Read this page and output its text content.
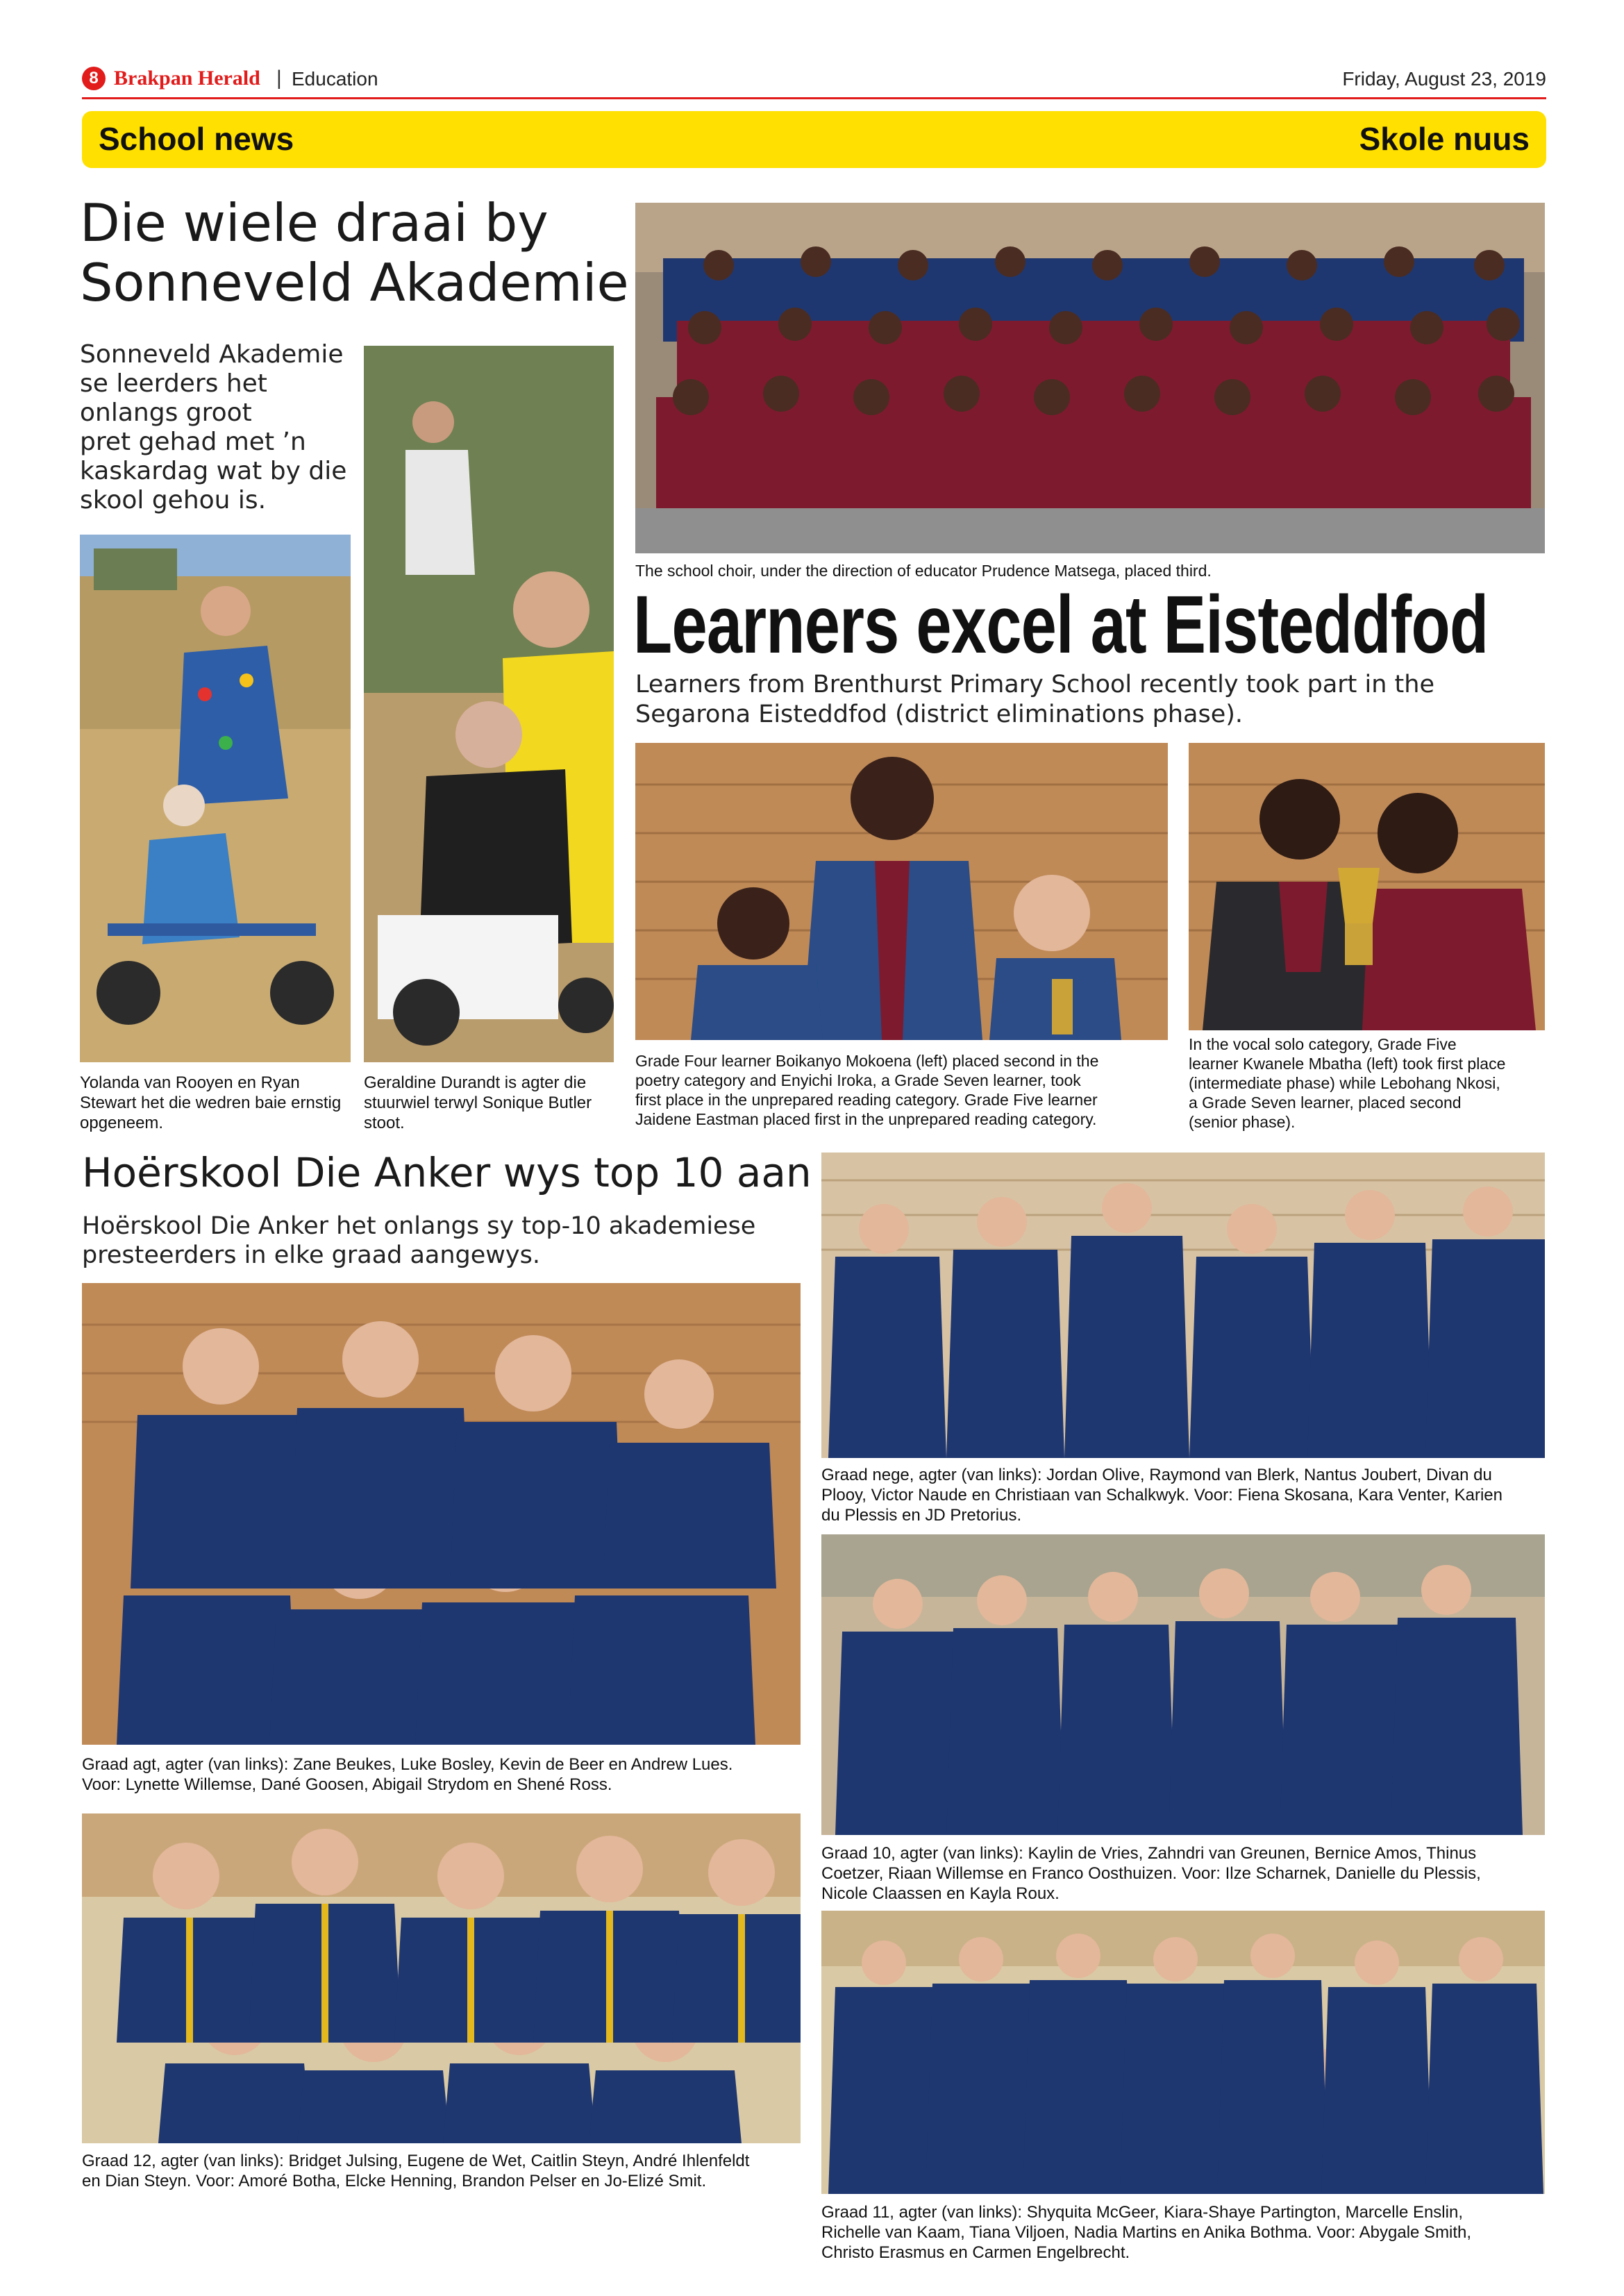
8 Brakpan Herald | Education	Friday, August 23, 2019
School news	Skole nuus
Die wiele draai by
Sonneveld Akademie
Sonneveld Akademie
se leerders het
onlangs groot
pret gehad met ’n
kaskardag wat by die
skool gehou is.
Yolanda van Rooyen en Ryan
Stewart het die wedren baie ernstig
opgeneem.
Geraldine Durandt is agter die
stuurwiel terwyl Sonique Butler
stoot.
The school choir, under the direction of educator Prudence Matsega, placed third.
Learners excel at Eisteddfod
Learners from Brenthurst Primary School recently took part in the
Segarona Eisteddfod (district eliminations phase).
Grade Four learner Boikanyo Mokoena (left) placed second in the
poetry category and Enyichi Iroka, a Grade Seven learner, took
first place in the unprepared reading category. Grade Five learner
Jaidene Eastman placed first in the unprepared reading category.
In the vocal solo category, Grade Five
learner Kwanele Mbatha (left) took first place
(intermediate phase) while Lebohang Nkosi,
a Grade Seven learner, placed second
(senior phase).
Hoërskool Die Anker wys top 10 aan
Hoërskool Die Anker het onlangs sy top-10 akademiese
presteerders in elke graad aangewys.
Graad agt, agter (van links): Zane Beukes, Luke Bosley, Kevin de Beer en Andrew Lues.
Voor: Lynette Willemse, Dané Goosen, Abigail Strydom en Shené Ross.
Graad 12, agter (van links): Bridget Julsing, Eugene de Wet, Caitlin Steyn, André Ihlenfeldt
en Dian Steyn. Voor: Amoré Botha, Elcke Henning, Brandon Pelser en Jo-Elizé Smit.
Graad nege, agter (van links): Jordan Olive, Raymond van Blerk, Nantus Joubert, Divan du
Plooy, Victor Naude en Christiaan van Schalkwyk. Voor: Fiena Skosana, Kara Venter, Karien
du Plessis en JD Pretorius.
Graad 10, agter (van links): Kaylin de Vries, Zahndri van Greunen, Bernice Amos, Thinus
Coetzer, Riaan Willemse en Franco Oosthuizen. Voor: Ilze Scharnek, Danielle du Plessis,
Nicole Claassen en Kayla Roux.
Graad 11, agter (van links): Shyquita McGeer, Kiara-Shaye Partington, Marcelle Enslin,
Richelle van Kaam, Tiana Viljoen, Nadia Martins en Anika Bothma. Voor: Abygale Smith,
Christo Erasmus en Carmen Engelbrecht.
